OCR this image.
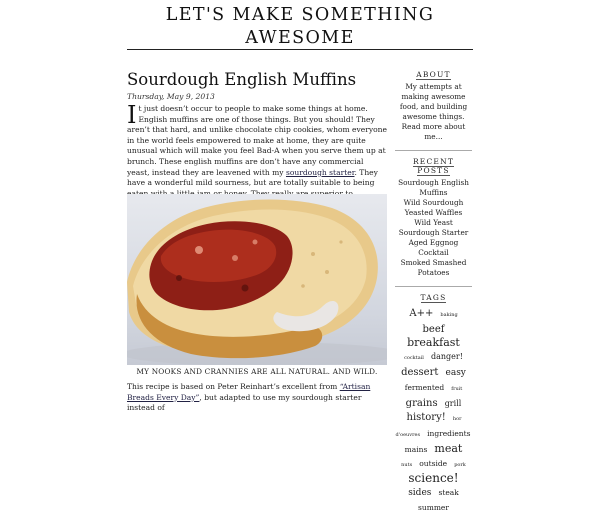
LET'S MAKE SOMETHING AWESOME
Sourdough English Muffins
Thursday, May 9, 2013
It just doesn’t occur to people to make some things at home. English muffins are one of those things. But you should! They aren’t that hard, and unlike chocolate chip cookies, whom everyone in the world feels empowered to make at home, they are quite unusual which will make you feel Bad-A when you serve them up at brunch. These english muffins are don’t have any commercial yeast, instead they are leavened with my sourdough starter. They have a wonderful mild sourness, but are totally suitable to being
MY NOOKS AND CRANNIES ARE ALL NATURAL. AND WILD.
This recipe is based on Peter Reinhart’s excellent from “Artisan Breads Every Day”, but adapted to use my sourdough starter instead of
ABOUT
My attempts at making awesome food, and building awesome things. Read more about me...
RECENT POSTS
Sourdough English Muffins
Wild Sourdough Yeasted Waffles
Wild Yeast Sourdough Starter
Aged Eggnog Cocktail
Smoked Smashed Potatoes
TAGS
A++ baking beef breakfast cocktail danger! dessert easy fermented fruit grains grill history! hor d'oeuvres ingredients mains meat nuts outside pork science! sides steak summer
